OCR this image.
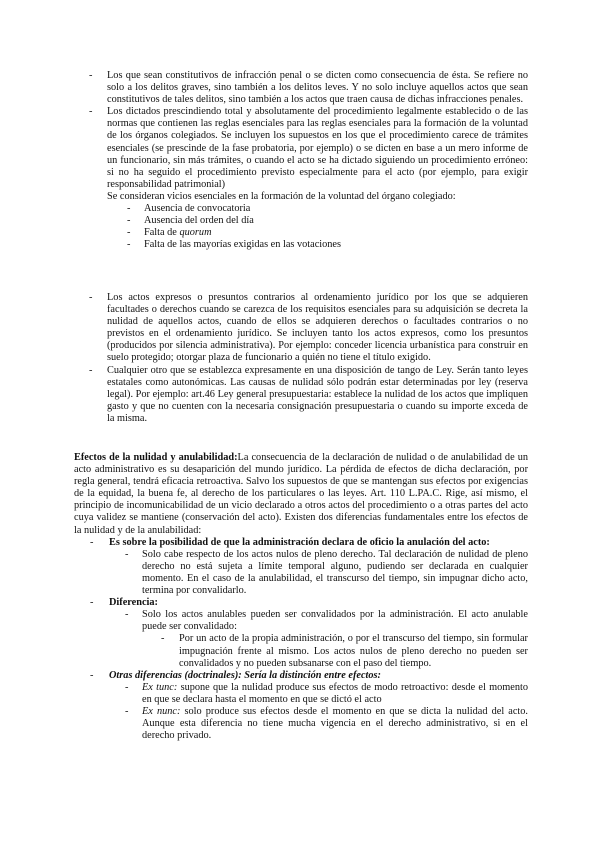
- Los que sean constitutivos de infracción penal o se dicten como consecuencia de ésta. Se refiere no solo a los delitos graves, sino también a los delitos leves. Y no solo incluye aquellos actos que sean constitutivos de tales delitos, sino también a los actos que traen causa de dichas infracciones penales.
- Los dictados prescindiendo total y absolutamente del procedimiento legalmente establecido o de las normas que contienen las reglas esenciales para las reglas esenciales para la formación de la voluntad de los órganos colegiados. Se incluyen los supuestos en los que el procedimiento carece de trámites esenciales (se prescinde de la fase probatoria, por ejemplo) o se dicten en base a un mero informe de un funcionario, sin más trámites, o cuando el acto se ha dictado siguiendo un procedimiento erróneo: si no ha seguido el procedimiento previsto especialmente para el acto (por ejemplo, para exigir responsabilidad patrimonial)
Se consideran vicios esenciales en la formación de la voluntad del órgano colegiado:
- Ausencia de convocatoria
- Ausencia del orden del día
- Falta de quorum
- Falta de las mayorías exigidas en las votaciones
- Los actos expresos o presuntos contrarios al ordenamiento jurídico por los que se adquieren facultades o derechos cuando se carezca de los requisitos esenciales para su adquisición se decreta la nulidad de aquellos actos, cuando de ellos se adquieren derechos o facultades contrarios o no previstos en el ordenamiento jurídico. Se incluyen tanto los actos expresos, como los presuntos (producidos por silencia administrativa). Por ejemplo: conceder licencia urbanística para construir en suelo protegido; otorgar plaza de funcionario a quién no tiene el título exigido.
- Cualquier otro que se establezca expresamente en una disposición de tango de Ley. Serán tanto leyes estatales como autonómicas. Las causas de nulidad sólo podrán estar determinadas por ley (reserva legal). Por ejemplo: art.46 Ley general presupuestaria: establece la nulidad de los actos que impliquen gasto y que no cuenten con la necesaria consignación presupuestaria o cuando su importe exceda de la misma.

Efectos de la nulidad y anulabilidad:La consecuencia de la declaración de nulidad o de anulabilidad de un acto administrativo es su desaparición del mundo jurídico. La pérdida de efectos de dicha declaración, por regla general, tendrá eficacia retroactiva. Salvo los supuestos de que se mantengan sus efectos por exigencias de la equidad, la buena fe, al derecho de los particulares o las leyes. Art. 110 L.PA.C. Rige, así mismo, el principio de incomunicabilidad de un vicio declarado a otros actos del procedimiento o a otras partes del acto cuya validez se mantiene (conservación del acto). Existen dos diferencias fundamentales entre los efectos de la nulidad y de la anulabilidad:

- Es sobre la posibilidad de que la administración declara de oficio la anulación del acto:
- Solo cabe respecto de los actos nulos de pleno derecho. Tal declaración de nulidad de pleno derecho no está sujeta a límite temporal alguno, pudiendo ser declarada en cualquier momento. En el caso de la anulabilidad, el transcurso del tiempo, sin impugnar dicho acto, termina por convalidarlo.
- Diferencia:
- Solo los actos anulables pueden ser convalidados por la administración. El acto anulable puede ser convalidado:
- Por un acto de la propia administración, o por el transcurso del tiempo, sin formular impugnación frente al mismo. Los actos nulos de pleno derecho no pueden ser convalidados y no pueden subsanarse con el paso del tiempo.
- Otras diferencias (doctrinales): Sería la distinción entre efectos:
- Ex tunc: supone que la nulidad produce sus efectos de modo retroactivo: desde el momento en que se declara hasta el momento en que se dictó el acto
- Ex nunc: solo produce sus efectos desde el momento en que se dicta la nulidad del acto. Aunque esta diferencia no tiene mucha vigencia en el derecho administrativo, si en el derecho privado.
